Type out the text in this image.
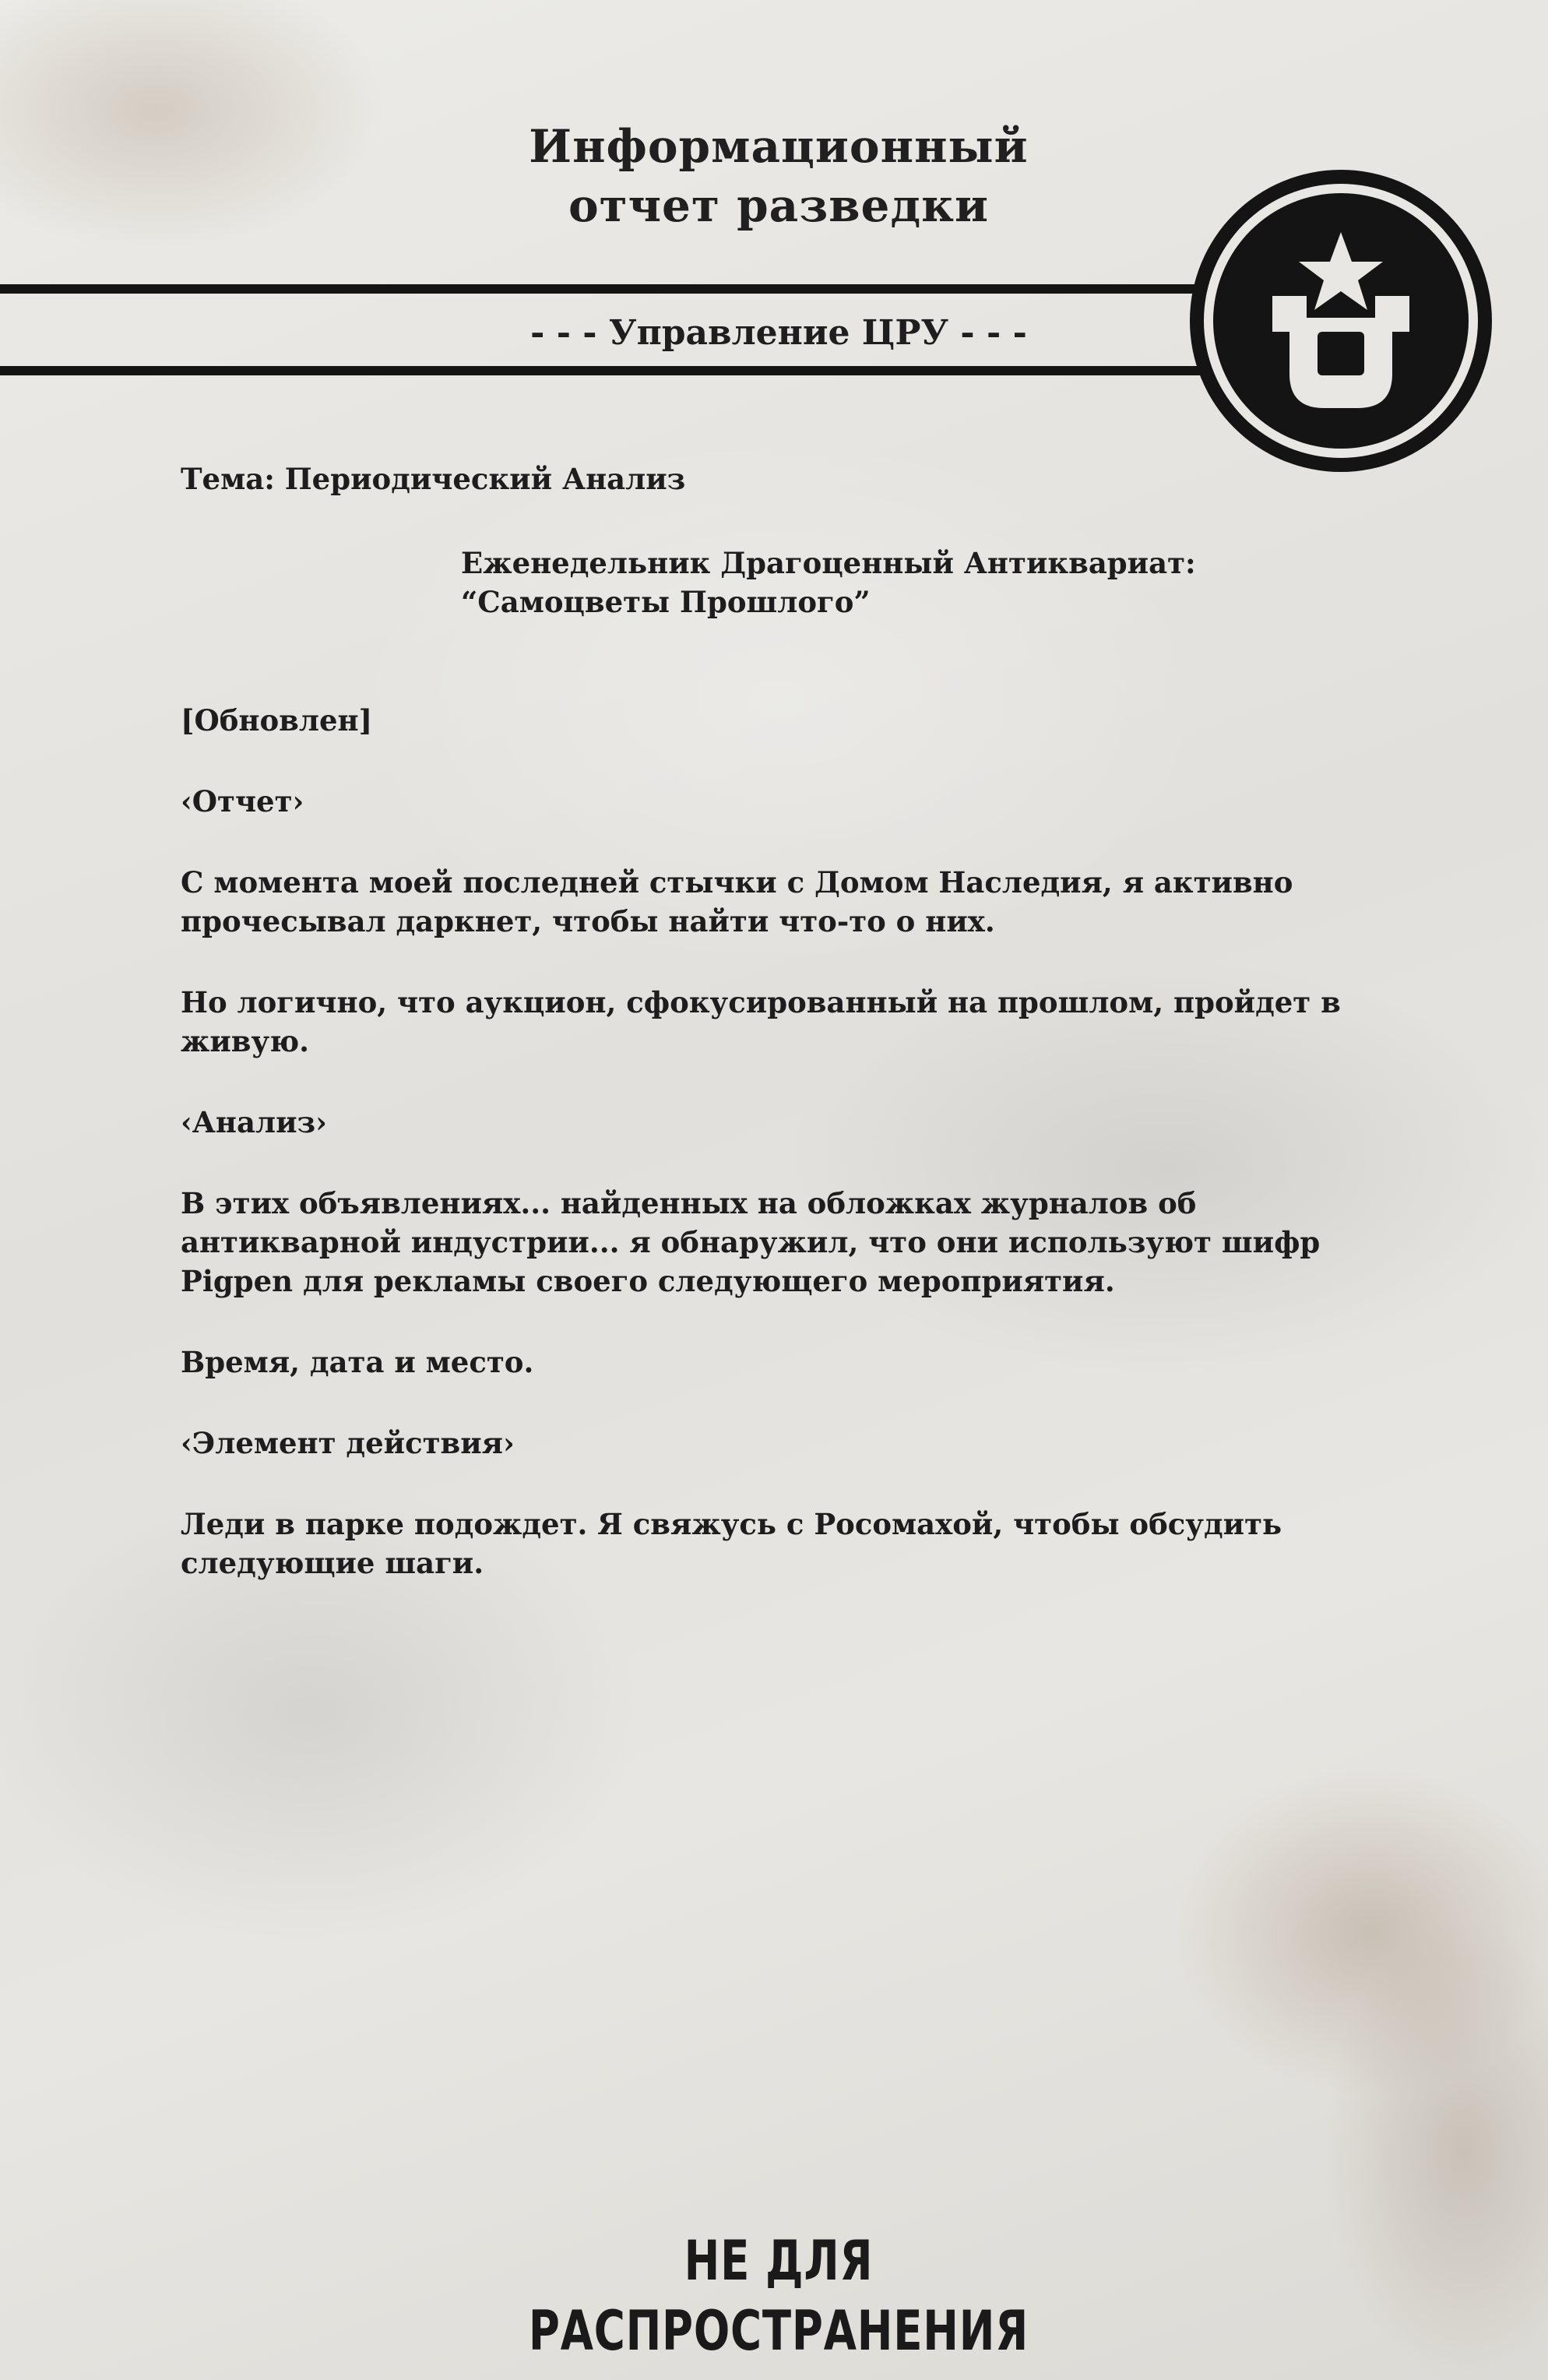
Информационный
отчет разведки
- - - Управление ЦРУ - - -

Тема: Периодический Анализ

Еженедельник Драгоценный Антиквариат:
“Самоцветы Прошлого”

[Обновлен]

‹Отчет›

С момента моей последней стычки с Домом Наследия, я активно прочесывал даркнет, чтобы найти что-то о них.

Но логично, что аукцион, сфокусированный на прошлом, пройдет в живую.

‹Анализ›

В этих объявлениях... найденных на обложках журналов об антикварной индустрии... я обнаружил, что они используют шифр Pigpen для рекламы своего следующего мероприятия.

Время, дата и место.

‹Элемент действия›

Леди в парке подождет. Я свяжусь с Росомахой, чтобы обсудить следующие шаги.

НЕ ДЛЯ РАСПРОСТРАНЕНИЯ
